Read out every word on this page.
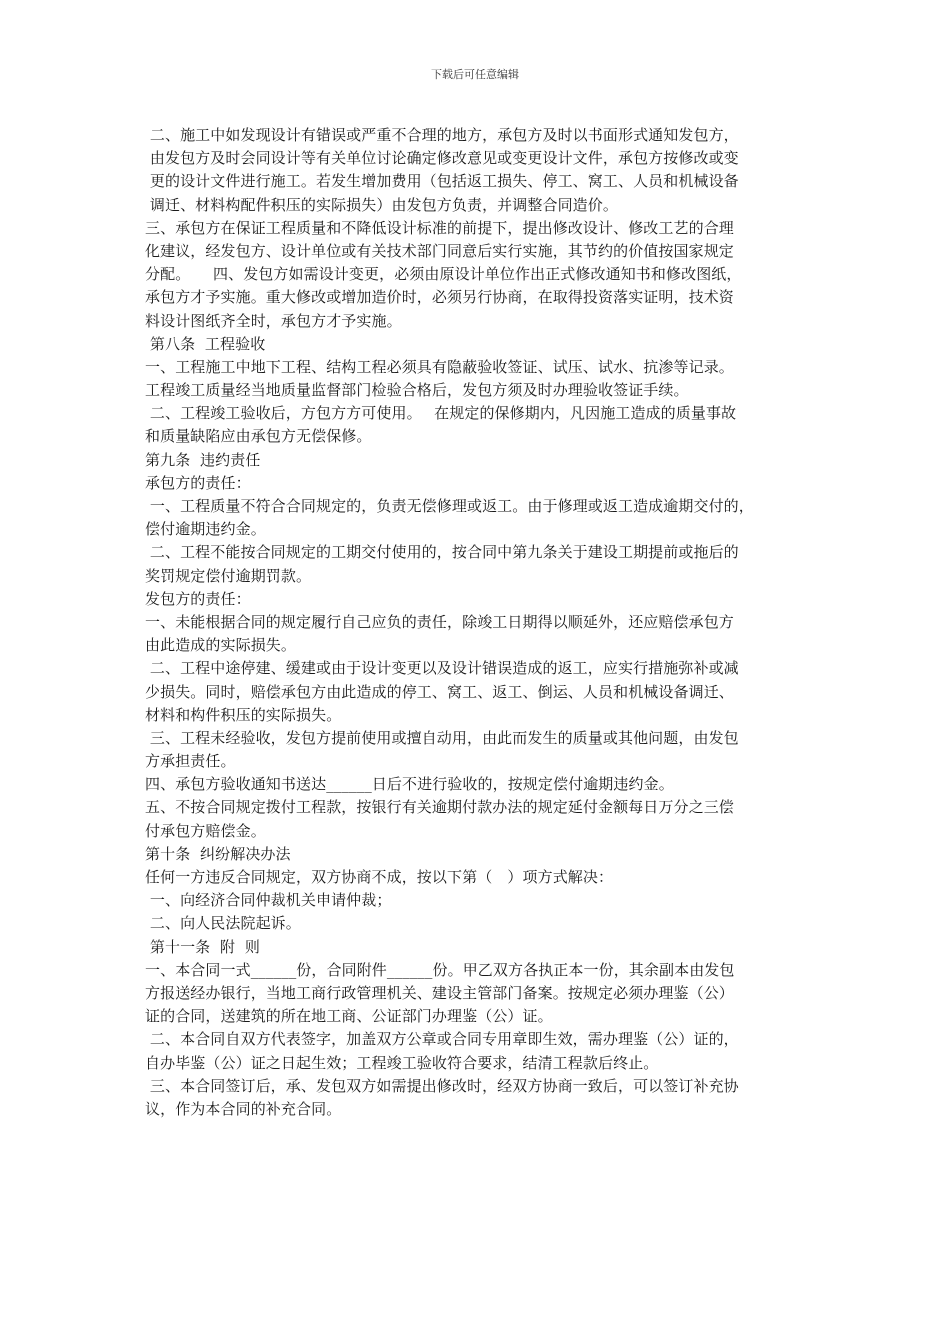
下载后可任意编辑
二、施工中如发现设计有错误或严重不合理的地方，承包方及时以书面形式通知发包方，
由发包方及时会同设计等有关单位讨论确定修改意见或变更设计文件，承包方按修改或变
更的设计文件进行施工。若发生增加费用（包括返工损失、停工、窝工、人员和机械设备
调迁、材料构配件积压的实际损失）由发包方负责，并调整合同造价。
三、承包方在保证工程质量和不降低设计标准的前提下，提出修改设计、修改工艺的合理
化建议，经发包方、设计单位或有关技术部门同意后实行实施，其节约的价值按国家规定
分配。　　四、发包方如需设计变更，必须由原设计单位作出正式修改通知书和修改图纸，
承包方才予实施。重大修改或增加造价时，必须另行协商，在取得投资落实证明，技术资
料设计图纸齐全时，承包方才予实施。
第八条  工程验收
一、工程施工中地下工程、结构工程必须具有隐蔽验收签证、试压、试水、抗渗等记录。
工程竣工质量经当地质量监督部门检验合格后，发包方须及时办理验收签证手续。
二、工程竣工验收后，方包方方可使用。　 在规定的保修期内，凡因施工造成的质量事故
和质量缺陷应由承包方无偿保修。
第九条  违约责任
承包方的责任：
一、工程质量不符合合同规定的，负责无偿修理或返工。由于修理或返工造成逾期交付的，
偿付逾期违约金。
二、工程不能按合同规定的工期交付使用的，按合同中第九条关于建设工期提前或拖后的
奖罚规定偿付逾期罚款。
发包方的责任：
一、未能根据合同的规定履行自己应负的责任，除竣工日期得以顺延外，还应赔偿承包方
由此造成的实际损失。
二、工程中途停建、缓建或由于设计变更以及设计错误造成的返工，应实行措施弥补或减
少损失。同时，赔偿承包方由此造成的停工、窝工、返工、倒运、人员和机械设备调迁、
材料和构件积压的实际损失。
三、工程未经验收，发包方提前使用或擅自动用，由此而发生的质量或其他问题，由发包
方承担责任。
四、承包方验收通知书送达______日后不进行验收的，按规定偿付逾期违约金。
五、不按合同规定拨付工程款，按银行有关逾期付款办法的规定延付金额每日万分之三偿
付承包方赔偿金。
第十条  纠纷解决办法
任何一方违反合同规定，双方协商不成，按以下第（　）项方式解决：
一、向经济合同仲裁机关申请仲裁；
二、向人民法院起诉。
第十一条  附  则
一、本合同一式______份，合同附件______份。甲乙双方各执正本一份，其余副本由发包
方报送经办银行，当地工商行政管理机关、建设主管部门备案。按规定必须办理鉴（公）
证的合同，送建筑的所在地工商、公证部门办理鉴（公）证。
二、本合同自双方代表签字，加盖双方公章或合同专用章即生效，需办理鉴（公）证的，
自办毕鉴（公）证之日起生效；工程竣工验收符合要求，结清工程款后终止。
三、本合同签订后，承、发包双方如需提出修改时，经双方协商一致后，可以签订补充协
议，作为本合同的补充合同。
